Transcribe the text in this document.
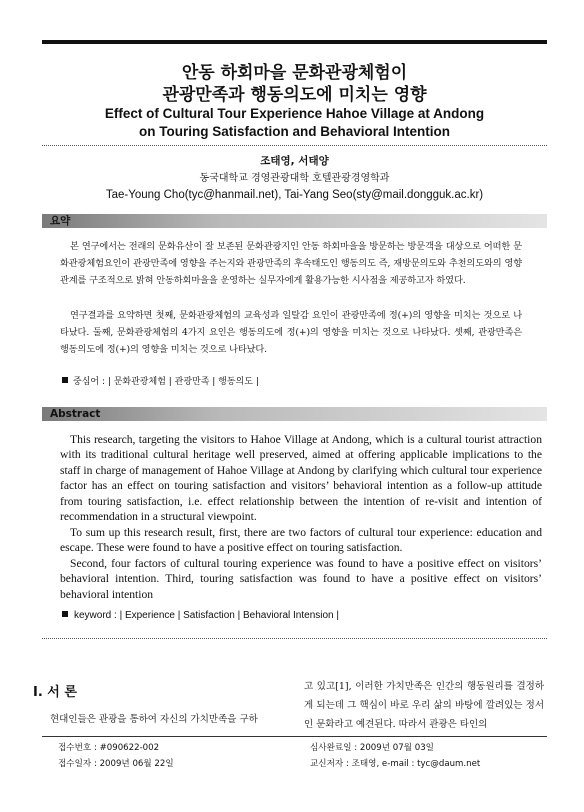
안동 하회마을 문화관광체험이
관광만족과 행동의도에 미치는 영향
Effect of Cultural Tour Experience Hahoe Village at Andong
on Touring Satisfaction and Behavioral Intention
조태영, 서태양
동국대학교 경영관광대학 호텔관광경영학과
Tae-Young Cho(tyc@hanmail.net), Tai-Yang Seo(sty@mail.dongguk.ac.kr)
요약

본 연구에서는 전래의 문화유산이 잘 보존된 문화관광지인 안동 하회마을을 방문하는 방문객을 대상으로 어떠한 문화관광체험요인이 관광만족에 영향을 주는지와 관광만족의 후속태도인 행동의도 즉, 재방문의도와 추천의도와의 영향관계를 구조적으로 밝혀 안동하회마을을 운영하는 실무자에게 활용가능한 시사점을 제공하고자 하였다.

연구결과를 요약하면 첫째, 문화관광체험의 교육성과 일탈감 요인이 관광만족에 정(+)의 영향을 미치는 것으로 나타났다. 둘째, 문화관광체험의 4가지 요인은 행동의도에 정(+)의 영향을 미치는 것으로 나타났다. 셋째, 관광만족은 행동의도에 정(+)의 영향을 미치는 것으로 나타났다.

중심어 : | 문화관광체험 | 관광만족 | 행동의도 |
Abstract

This research, targeting the visitors to Hahoe Village at Andong, which is a cultural tourist attraction with its traditional cultural heritage well preserved, aimed at offering applicable implications to the staff in charge of management of Hahoe Village at Andong by clarifying which cultural tour experience factor has an effect on touring satisfaction and visitors’ behavioral intention as a follow-up attitude from touring satisfaction, i.e. effect relationship between the intention of re-visit and intention of recommendation in a structural viewpoint.

To sum up this research result, first, there are two factors of cultural tour experience: education and escape. These were found to have a positive effect on touring satisfaction.

Second, four factors of cultural touring experience was found to have a positive effect on visitors’ behavioral intention. Third, touring satisfaction was found to have a positive effect on visitors’ behavioral intention

keyword : | Experience | Satisfaction | Behavioral Intension |
I. 서 론

현대인들은 관광을 통하여 자신의 가치만족을 구하

고 있고[1], 이러한 가치만족은 인간의 행동원리를 결정하게 되는데 그 핵심이 바로 우리 삶의 바탕에 깔려있는 정서인 문화라고 예견된다. 따라서 관광은 타인의

접수번호 : #090622-002
접수일자 : 2009년 06월 22일
심사완료일 : 2009년 07월 03일
교신저자 : 조태영, e-mail : tyc@daum.net
